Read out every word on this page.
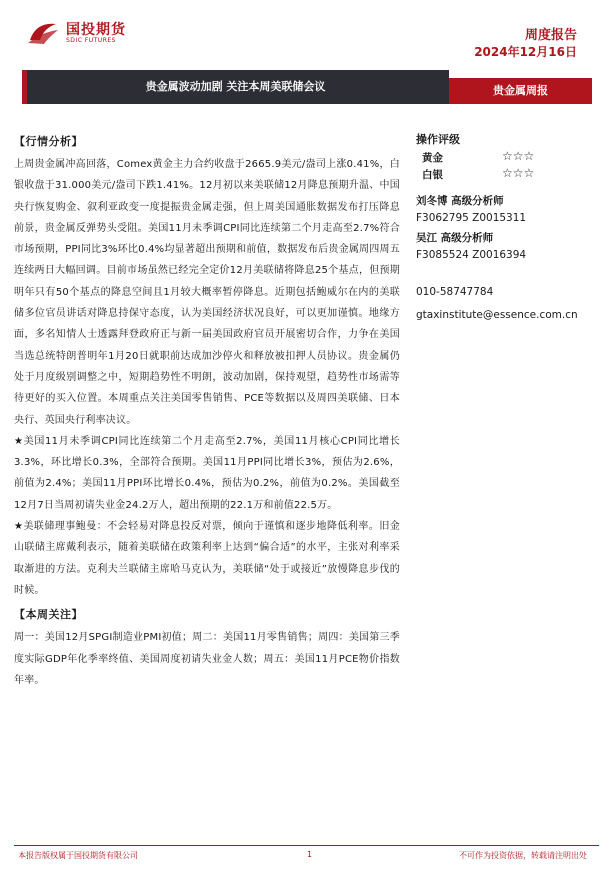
国投期货
SDIC FUTURES	周度报告
2024年12月16日
贵金属波动加剧 关注本周美联储会议	贵金属周报
【行情分析】

上周贵金属冲高回落，Comex黄金主力合约收盘于2665.9美元/盎司上涨0.41%，白银收盘于31.000美元/盎司下跌1.41%。12月初以来美联储12月降息预期升温、中国央行恢复购金、叙利亚政变一度提振贵金属走强，但上周美国通胀数据发布打压降息前景，贵金属反弹势头受阻。美国11月未季调CPI同比连续第二个月走高至2.7%符合市场预期，PPI同比3%环比0.4%均显著超出预期和前值，数据发布后贵金属周四周五连续两日大幅回调。目前市场虽然已经完全定价12月美联储将降息25个基点，但预期明年只有50个基点的降息空间且1月较大概率暂停降息。近期包括鲍威尔在内的美联储多位官员讲话对降息持保守态度，认为美国经济状况良好，可以更加谨慎。地缘方面，多名知情人士透露拜登政府正与新一届美国政府官员开展密切合作，力争在美国当选总统特朗普明年1月20日就职前达成加沙停火和释放被扣押人员协议。贵金属仍处于月度级别调整之中，短期趋势性不明朗，波动加剧，保持观望，趋势性市场需等待更好的买入位置。本周重点关注美国零售销售、PCE等数据以及周四美联储、日本央行、英国央行利率决议。

★美国11月未季调CPI同比连续第二个月走高至2.7%，美国11月核心CPI同比增长3.3%，环比增长0.3%，全部符合预期。美国11月PPI同比增长3%，预估为2.6%，前值为2.4%；美国11月PPI环比增长0.4%，预估为0.2%，前值为0.2%。美国截至12月7日当周初请失业金24.2万人，超出预期的22.1万和前值22.5万。

★美联储理事鲍曼：不会轻易对降息投反对票，倾向于谨慎和逐步地降低利率。旧金山联储主席戴利表示，随着美联储在政策利率上达到“偏合适”的水平，主张对利率采取渐进的方法。克利夫兰联储主席哈马克认为，美联储“处于或接近”放慢降息步伐的时候。

【本周关注】

周一：美国12月SPGI制造业PMI初值；周二：美国11月零售销售；周四：美国第三季度实际GDP年化季率终值、美国周度初请失业金人数；周五：美国11月PCE物价指数年率。

操作评级
黄金	☆☆☆
白银	☆☆☆
刘冬博 高级分析师
F3062795 Z0015311
吴江 高级分析师
F3085524 Z0016394
010-58747784
gtaxinstitute@essence.com.cn
本报告版权属于国投期货有限公司	1	不可作为投资依据，转载请注明出处
